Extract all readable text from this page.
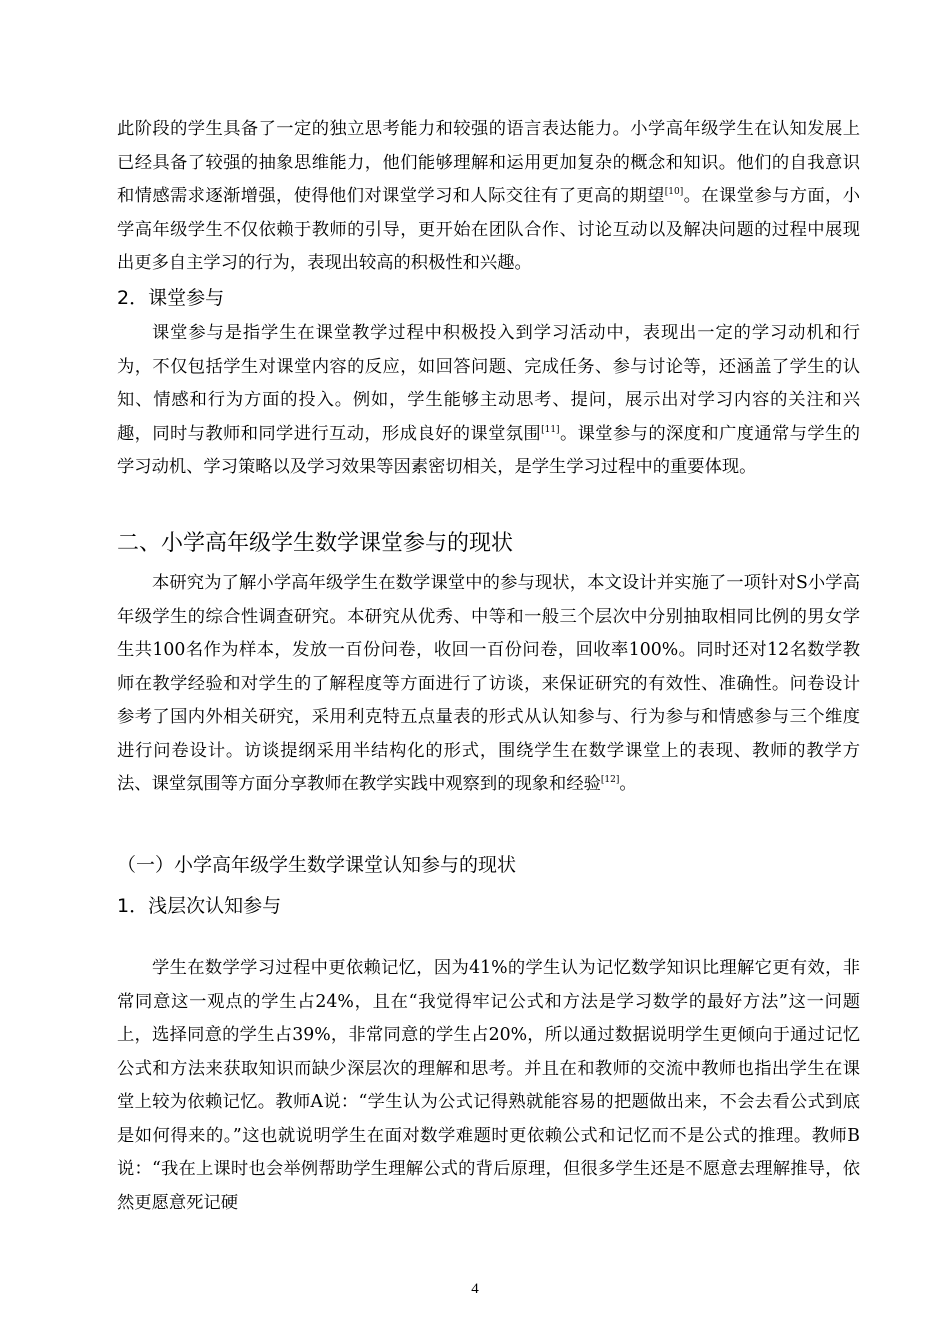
此阶段的学生具备了一定的独立思考能力和较强的语言表达能力。小学高年级学生在认知发展上已经具备了较强的抽象思维能力，他们能够理解和运用更加复杂的概念和知识。他们的自我意识和情感需求逐渐增强，使得他们对课堂学习和人际交往有了更高的期望[10]。在课堂参与方面，小学高年级学生不仅依赖于教师的引导，更开始在团队合作、讨论互动以及解决问题的过程中展现出更多自主学习的行为，表现出较高的积极性和兴趣。

2．课堂参与

课堂参与是指学生在课堂教学过程中积极投入到学习活动中，表现出一定的学习动机和行为，不仅包括学生对课堂内容的反应，如回答问题、完成任务、参与讨论等，还涵盖了学生的认知、情感和行为方面的投入。例如，学生能够主动思考、提问，展示出对学习内容的关注和兴趣，同时与教师和同学进行互动，形成良好的课堂氛围[11]。课堂参与的深度和广度通常与学生的学习动机、学习策略以及学习效果等因素密切相关，是学生学习过程中的重要体现。

二、小学高年级学生数学课堂参与的现状

本研究为了解小学高年级学生在数学课堂中的参与现状，本文设计并实施了一项针对S小学高年级学生的综合性调查研究。本研究从优秀、中等和一般三个层次中分别抽取相同比例的男女学生共100名作为样本，发放一百份问卷，收回一百份问卷，回收率100%。同时还对12名数学教师在教学经验和对学生的了解程度等方面进行了访谈，来保证研究的有效性、准确性。问卷设计参考了国内外相关研究，采用利克特五点量表的形式从认知参与、行为参与和情感参与三个维度进行问卷设计。访谈提纲采用半结构化的形式，围绕学生在数学课堂上的表现、教师的教学方法、课堂氛围等方面分享教师在教学实践中观察到的现象和经验[12]。

（一）小学高年级学生数学课堂认知参与的现状
1．浅层次认知参与

学生在数学学习过程中更依赖记忆，因为41%的学生认为记忆数学知识比理解它更有效，非常同意这一观点的学生占24%，且在“我觉得牢记公式和方法是学习数学的最好方法”这一问题上，选择同意的学生占39%，非常同意的学生占20%，所以通过数据说明学生更倾向于通过记忆公式和方法来获取知识而缺少深层次的理解和思考。并且在和教师的交流中教师也指出学生在课堂上较为依赖记忆。教师A说：“学生认为公式记得熟就能容易的把题做出来，不会去看公式到底是如何得来的。”这也就说明学生在面对数学难题时更依赖公式和记忆而不是公式的推理。教师B说：“我在上课时也会举例帮助学生理解公式的背后原理，但很多学生还是不愿意去理解推导，依然更愿意死记硬

4
